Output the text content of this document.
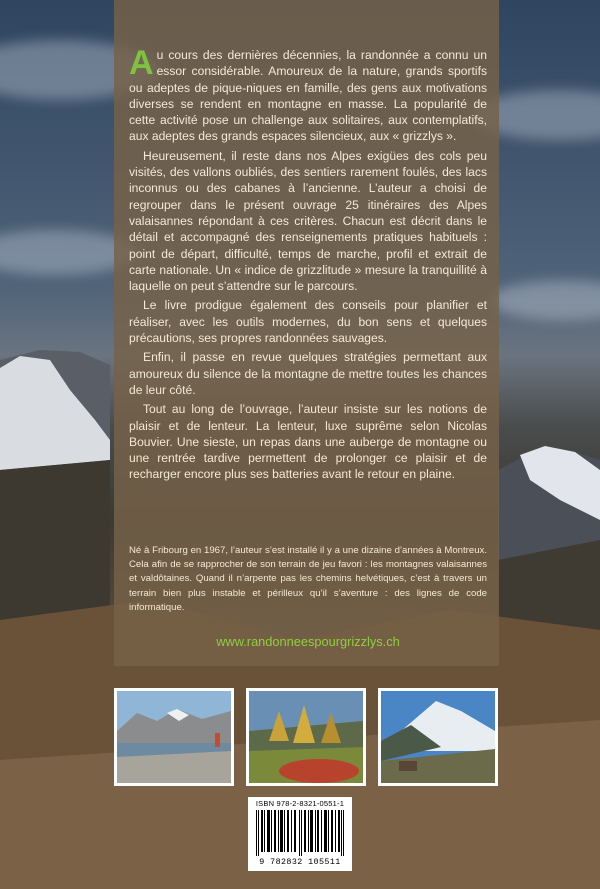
Au cours des dernières décennies, la randonnée a connu un essor considérable. Amoureux de la nature, grands sportifs ou adeptes de pique-niques en famille, des gens aux motivations diverses se rendent en montagne en masse. La popularité de cette activité pose un challenge aux solitaires, aux contemplatifs, aux adeptes des grands espaces silencieux, aux « grizzlys ».

Heureusement, il reste dans nos Alpes exigües des cols peu visités, des vallons oubliés, des sentiers rarement foulés, des lacs inconnus ou des cabanes à l’ancienne. L’auteur a choisi de regrouper dans le présent ouvrage 25 itinéraires des Alpes valaisannes répondant à ces critères. Chacun est décrit dans le détail et accompagné des renseignements pratiques habituels : point de départ, difficulté, temps de marche, profil et extrait de carte nationale. Un « indice de grizzlitude » mesure la tranquillité à laquelle on peut s’attendre sur le parcours.

Le livre prodigue également des conseils pour planifier et réaliser, avec les outils modernes, du bon sens et quelques précautions, ses propres randonnées sauvages.

Enfin, il passe en revue quelques stratégies permettant aux amoureux du silence de la montagne de mettre toutes les chances de leur côté.

Tout au long de l’ouvrage, l’auteur insiste sur les notions de plaisir et de lenteur. La lenteur, luxe suprême selon Nicolas Bouvier. Une sieste, un repas dans une auberge de montagne ou une rentrée tardive permettent de prolonger ce plaisir et de recharger encore plus ses batteries avant le retour en plaine.

Né à Fribourg en 1967, l’auteur s’est installé il y a une dizaine d’années à Montreux. Cela afin de se rapprocher de son terrain de jeu favori : les montagnes valaisannes et valdôtaines. Quand il n’arpente pas les chemins helvétiques, c’est à travers un terrain bien plus instable et périlleux qu’il s’aventure : des lignes de code informatique.
www.randonneespourgrizzlys.ch
ISBN 978-2-8321-0551-1
9 782832 105511
